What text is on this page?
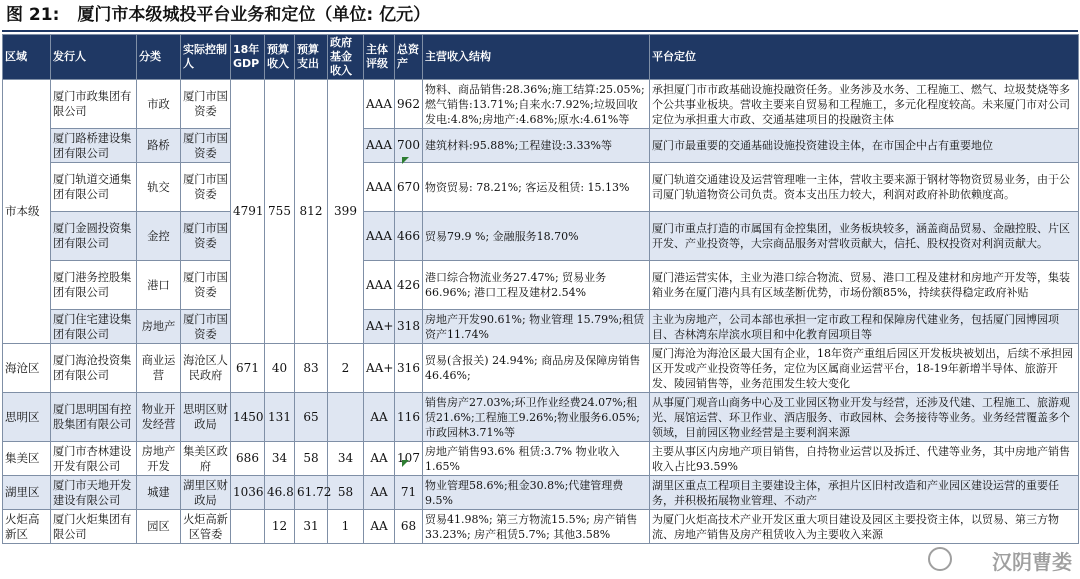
图 21: 厦门市本级城投平台业务和定位（单位: 亿元）
区域	发行人	分类	实际控制人	18年GDP	预算收入	预算支出	政府基金收入	主体评级	总资产	主营收入结构	平台定位
市本级	厦门市政集团有限公司	市政	厦门市国资委	4791	755	812	399	AAA	962	物料、商品销售:28.36%;施工结算:25.05%;燃气销售:13.71%;自来水:7.92%;垃圾回收发电:4.8%;房地产:4.68%;原水:4.61%等	承担厦门市市政基础设施投融资任务。业务涉及水务、工程施工、燃气、垃圾焚烧等多个公共事业板块。营收主要来自贸易和工程施工，多元化程度较高。未来厦门市对公司定位为承担重大市政、交通基建项目的投融资主体
	厦门路桥建设集团有限公司	路桥	厦门市国资委					AAA	700	建筑材料:95.88%;工程建设:3.33%等	厦门市最重要的交通基础设施投资建设主体，在市国企中占有重要地位
	厦门轨道交通集团有限公司	轨交	厦门市国资委					AAA	670	物资贸易: 78.21%; 客运及租赁: 15.13%	厦门轨道交通建设及运营管理唯一主体，营收主要来源于钢材等物资贸易业务，由于公司厦门轨道物资公司负责。资本支出压力较大，利润对政府补助依赖度高。
	厦门金圆投资集团有限公司	金控	厦门市国资委					AAA	466	贸易79.9 %; 金融服务18.70%	厦门市重点打造的市属国有金控集团，业务板块较多，涵盖商品贸易、金融控股、片区开发、产业投资等，大宗商品服务对营收贡献大，信托、股权投资对利润贡献大。
	厦门港务控股集团有限公司	港口	厦门市国资委					AAA	426	港口综合物流业务27.47%; 贸易业务66.96%; 港口工程及建材2.54%	厦门港运营实体，主业为港口综合物流、贸易、港口工程及建材和房地产开发等，集装箱业务在厦门港内具有区域垄断优势，市场份额85%，持续获得稳定政府补贴
	厦门住宅建设集团有限公司	房地产	厦门市国资委					AA+	318	房地产开发90.61%; 物业管理 15.79%;租赁资产11.74%	主业为房地产，公司本部也承担一定市政工程和保障房代建业务，包括厦门园博园项目、杏林湾东岸滨水项目和中化教育园项目等
海沧区	厦门海沧投资集团有限公司	商业运营	海沧区人民政府	671	40	83	2	AA+	316	贸易(含报关) 24.94%; 商品房及保障房销售46.46%;	厦门海沧为海沧区最大国有企业，18年资产重组后园区开发板块被划出，后续不承担园区开发或产业投资等任务，定位为区属商业运营平台，18-19年新增半导体、旅游开发、陵园销售等，业务范围发生较大变化
思明区	厦门思明国有控股集团有限公司	物业开发经营	思明区财政局	1450	131	65		AA	116	销售房产27.03%;环卫作业经费24.07%;租赁21.6%;工程施工9.26%;物业服务6.05%;市政园林3.71%等	从事厦门观音山商务中心及工业园区物业开发与经营，还涉及代建、工程施工、旅游观光、展馆运营、环卫作业、酒店服务、市政园林、会务接待等业务。业务经营覆盖多个领域，目前园区物业经营是主要利润来源
集美区	厦门市杏林建设开发有限公司	房地产开发	集美区政府	686	34	58	34	AA	107	房地产销售93.6% 租赁:3.7% 物业收入1.65%	主要从事区内房地产项目销售，自持物业运营以及拆迁、代建等业务，其中房地产销售收入占比93.59%
湖里区	厦门市天地开发建设有限公司	城建	湖里区财政局	1036	46.8	61.72	58	AA	71	物业管理58.6%;租金30.8%;代建管理费9.5%	湖里区重点工程项目主要建设主体，承担片区旧村改造和产业园区建设运营的重要任务，并积极拓展物业管理、不动产
火炬高新区	厦门火炬集团有限公司	园区	火炬高新区管委		12	31	1	AA	68	贸易41.98%; 第三方物流15.5%; 房产销售33.23%; 房产租赁5.7%; 其他3.58%	为厦门火炬高技术产业开发区重大项目建设及园区主要投资主体，以贸易、第三方物流、房地产销售及房产租赁收入为主要收入来源
汉阴曹娄
